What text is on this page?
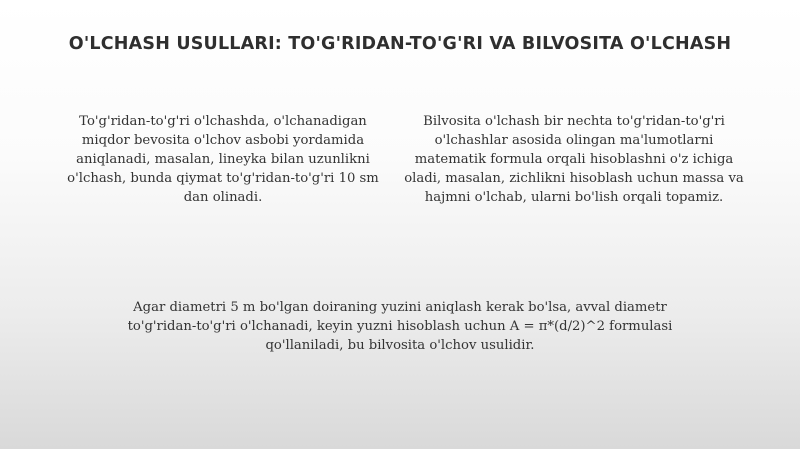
O'LCHASH USULLARI: TO'G'RIDAN-TO'G'RI VA BILVOSITA O'LCHASH
To'g'ridan-to'g'ri o'lchashda, o'lchanadigan miqdor bevosita o'lchov asbobi yordamida aniqlanadi, masalan, lineyka bilan uzunlikni o'lchash, bunda qiymat to'g'ridan-to'g'ri 10 sm dan olinadi.
Bilvosita o'lchash bir nechta to'g'ridan-to'g'ri o'lchashlar asosida olingan ma'lumotlarni matematik formula orqali hisoblashni o'z ichiga oladi, masalan, zichlikni hisoblash uchun massa va hajmni o'lchab, ularni bo'lish orqali topamiz.
Agar diametri 5 m bo'lgan doiraning yuzini aniqlash kerak bo'lsa, avval diametr to'g'ridan-to'g'ri o'lchanadi, keyin yuzni hisoblash uchun A = π*(d/2)^2 formulasi qo'llaniladi, bu bilvosita o'lchov usulidir.
